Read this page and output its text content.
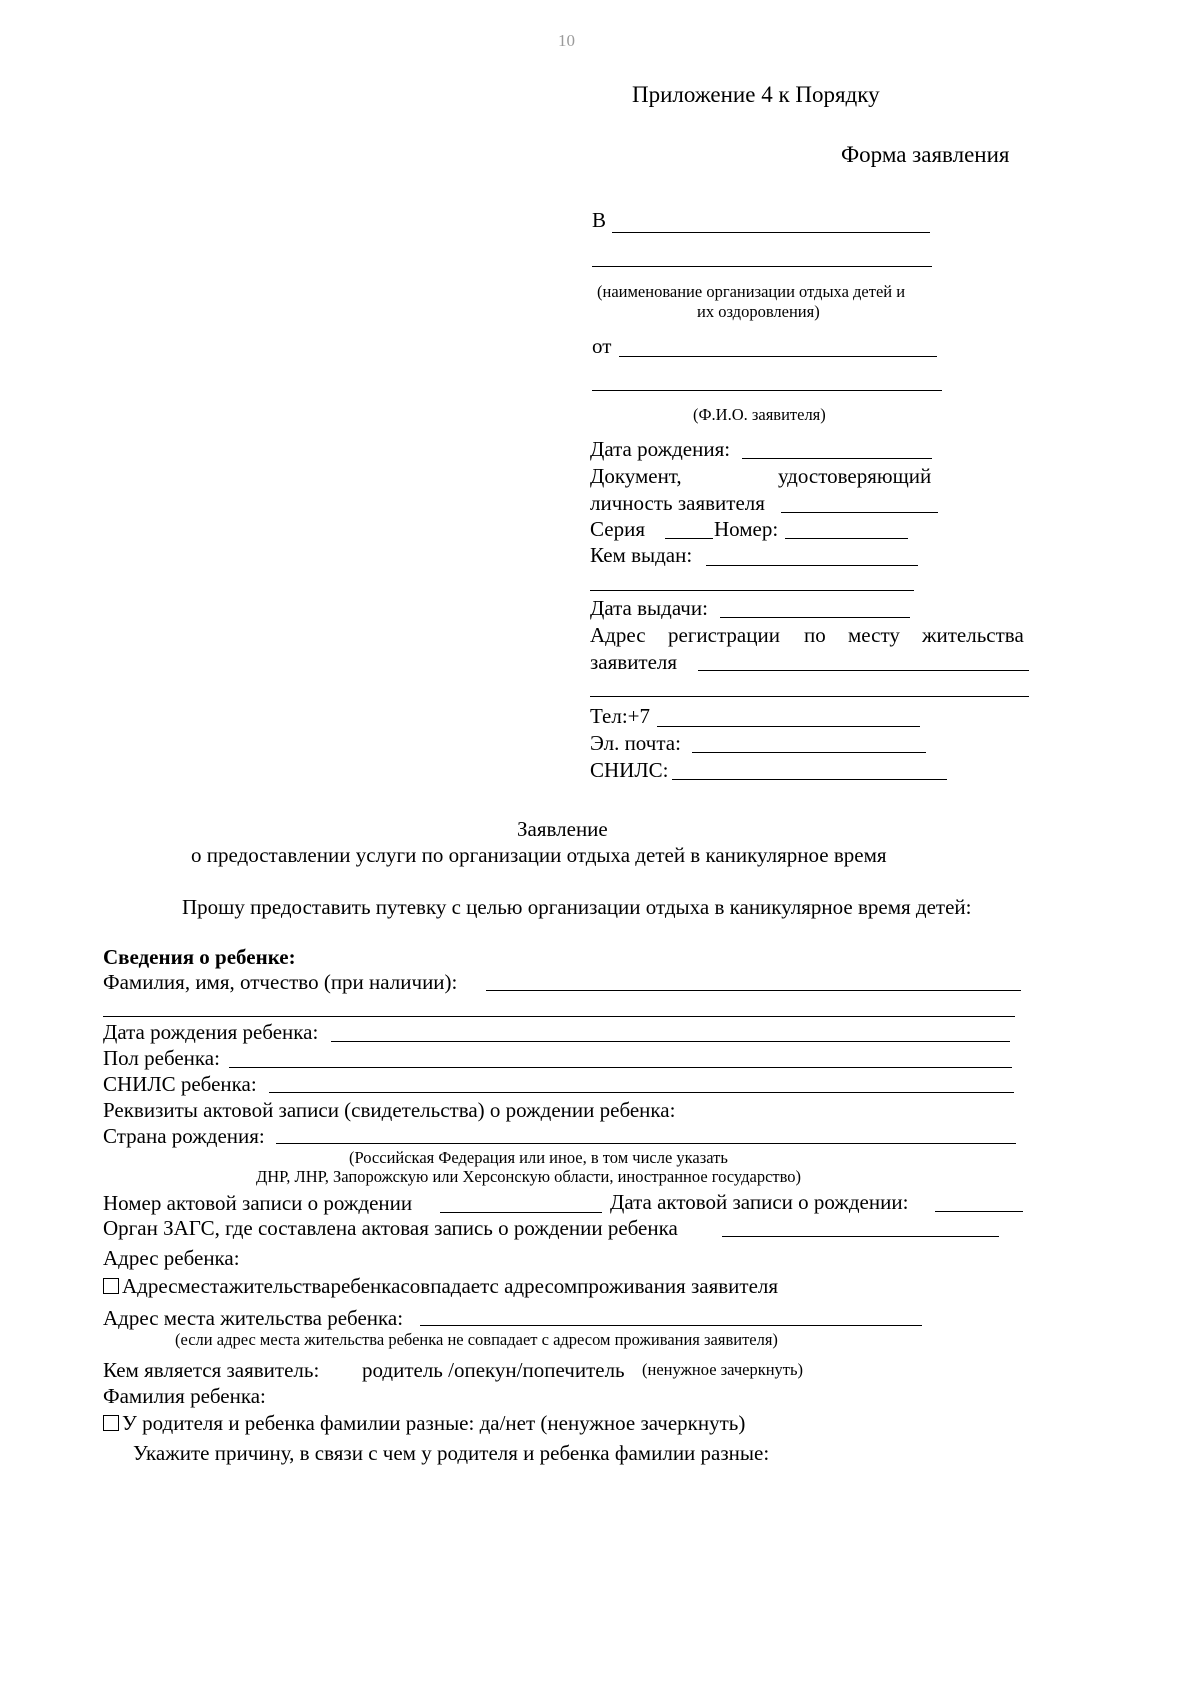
10
Приложение 4 к Порядку
Форма заявления
В
(наименование организации отдыха детей и
их оздоровления)
от
(Ф.И.О. заявителя)
Дата рождения:
Документ,	удостоверяющий
личность заявителя
Серия	Номер:
Кем выдан:
Дата выдачи:
Адрес регистрации по месту жительства
заявителя
Тел:+7
Эл. почта:
СНИЛС:
Заявление
о предоставлении услуги по организации отдыха детей в каникулярное время
Прошу предоставить путевку с целью организации отдыха в каникулярное время детей:
Сведения о ребенке:
Фамилия, имя, отчество (при наличии):
Дата рождения ребенка:
Пол ребенка:
СНИЛС ребенка:
Реквизиты актовой записи (свидетельства) о рождении ребенка:
Страна рождения:
(Российская Федерация или иное, в том числе указать
ДНР, ЛНР, Запорожскую или Херсонскую области, иностранное государство)
Номер актовой записи о рождении	Дата актовой записи о рождении:
Орган ЗАГС, где составлена актовая запись о рождении ребенка
Адрес ребенка:
Адресместажительстваребенкасовпадаетс адресомпроживания заявителя
Адрес места жительства ребенка:
(если адрес места жительства ребенка не совпадает с адресом проживания заявителя)
Кем является заявитель: родитель /опекун/попечитель (ненужное зачеркнуть)
Фамилия ребенка:
У родителя и ребенка фамилии разные: да/нет (ненужное зачеркнуть)
Укажите причину, в связи с чем у родителя и ребенка фамилии разные:
